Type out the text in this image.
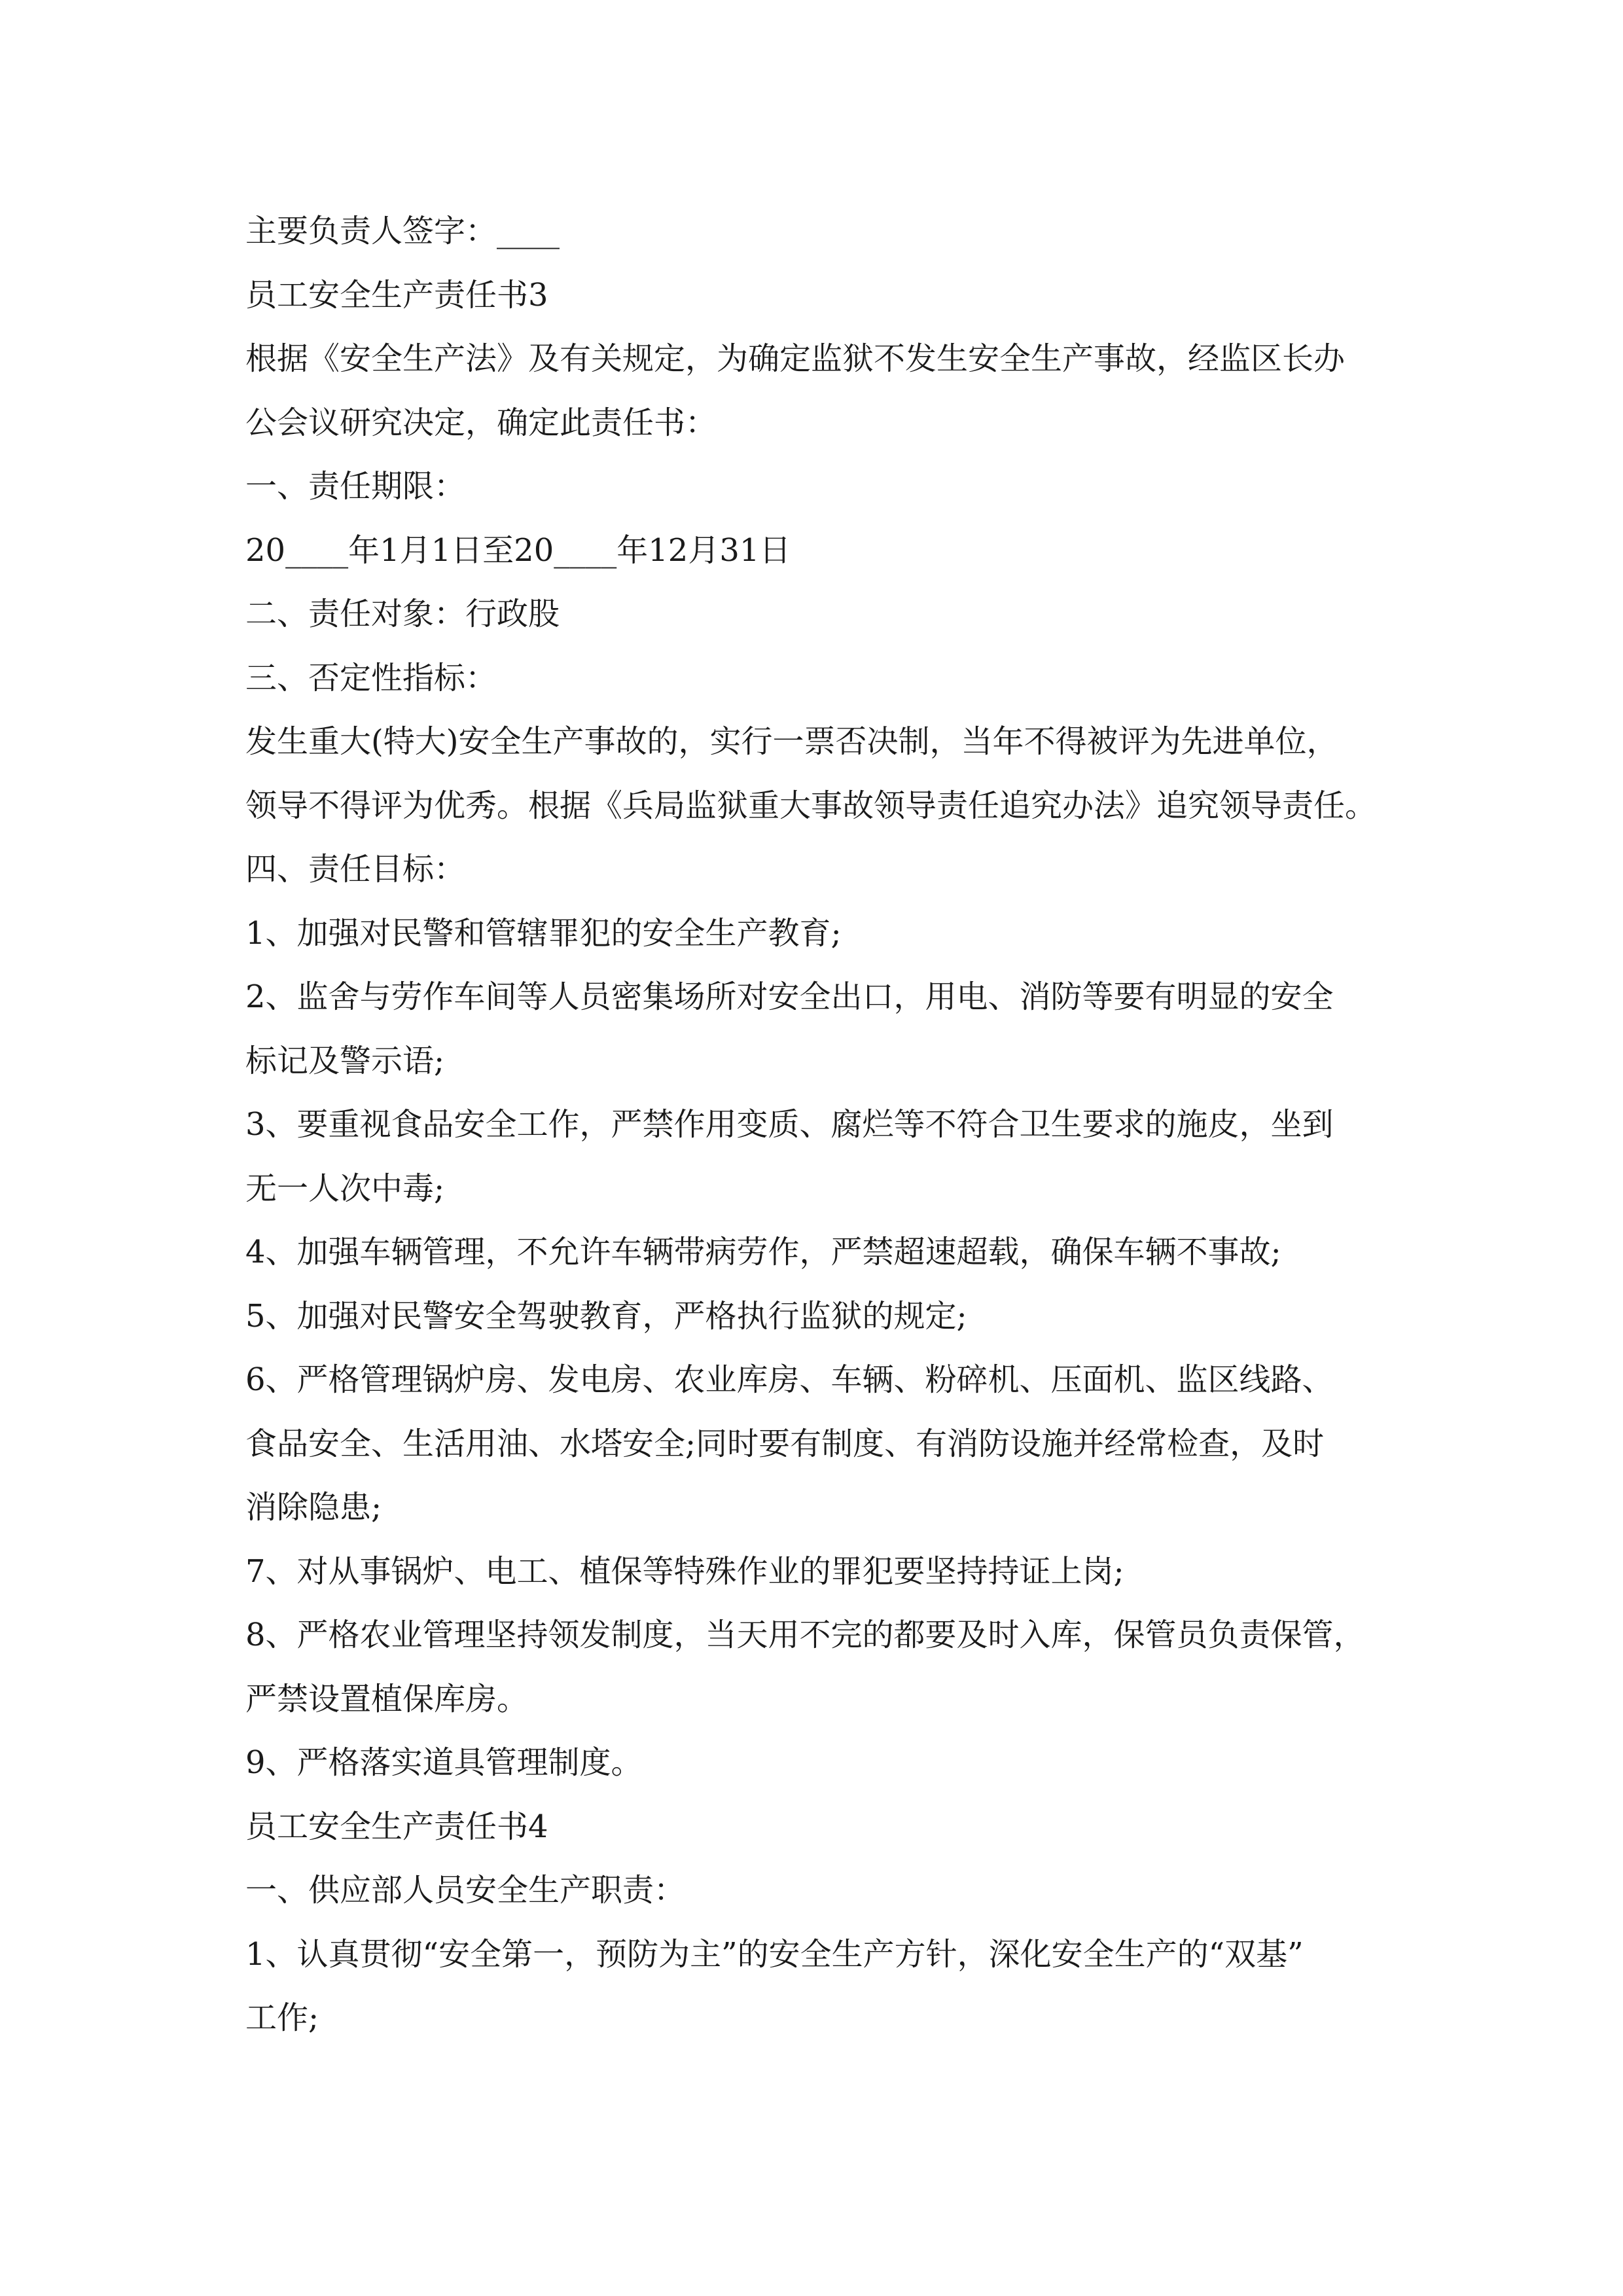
主要负责人签字：____
员工安全生产责任书3
根据《安全生产法》及有关规定，为确定监狱不发生安全生产事故，经监区长办
公会议研究决定，确定此责任书：
一、责任期限：
20____年1月1日至20____年12月31日
二、责任对象：行政股
三、否定性指标：
发生重大(特大)安全生产事故的，实行一票否决制，当年不得被评为先进单位，
领导不得评为优秀。根据《兵局监狱重大事故领导责任追究办法》追究领导责任。
四、责任目标：
1、加强对民警和管辖罪犯的安全生产教育;
2、监舍与劳作车间等人员密集场所对安全出口，用电、消防等要有明显的安全
标记及警示语;
3、要重视食品安全工作，严禁作用变质、腐烂等不符合卫生要求的施皮，坐到
无一人次中毒;
4、加强车辆管理，不允许车辆带病劳作，严禁超速超载，确保车辆不事故;
5、加强对民警安全驾驶教育，严格执行监狱的规定;
6、严格管理锅炉房、发电房、农业库房、车辆、粉碎机、压面机、监区线路、
食品安全、生活用油、水塔安全;同时要有制度、有消防设施并经常检查，及时
消除隐患;
7、对从事锅炉、电工、植保等特殊作业的罪犯要坚持持证上岗;
8、严格农业管理坚持领发制度，当天用不完的都要及时入库，保管员负责保管，
严禁设置植保库房。
9、严格落实道具管理制度。
员工安全生产责任书4
一、供应部人员安全生产职责：
1、认真贯彻“安全第一，预防为主”的安全生产方针，深化安全生产的“双基”
工作;
